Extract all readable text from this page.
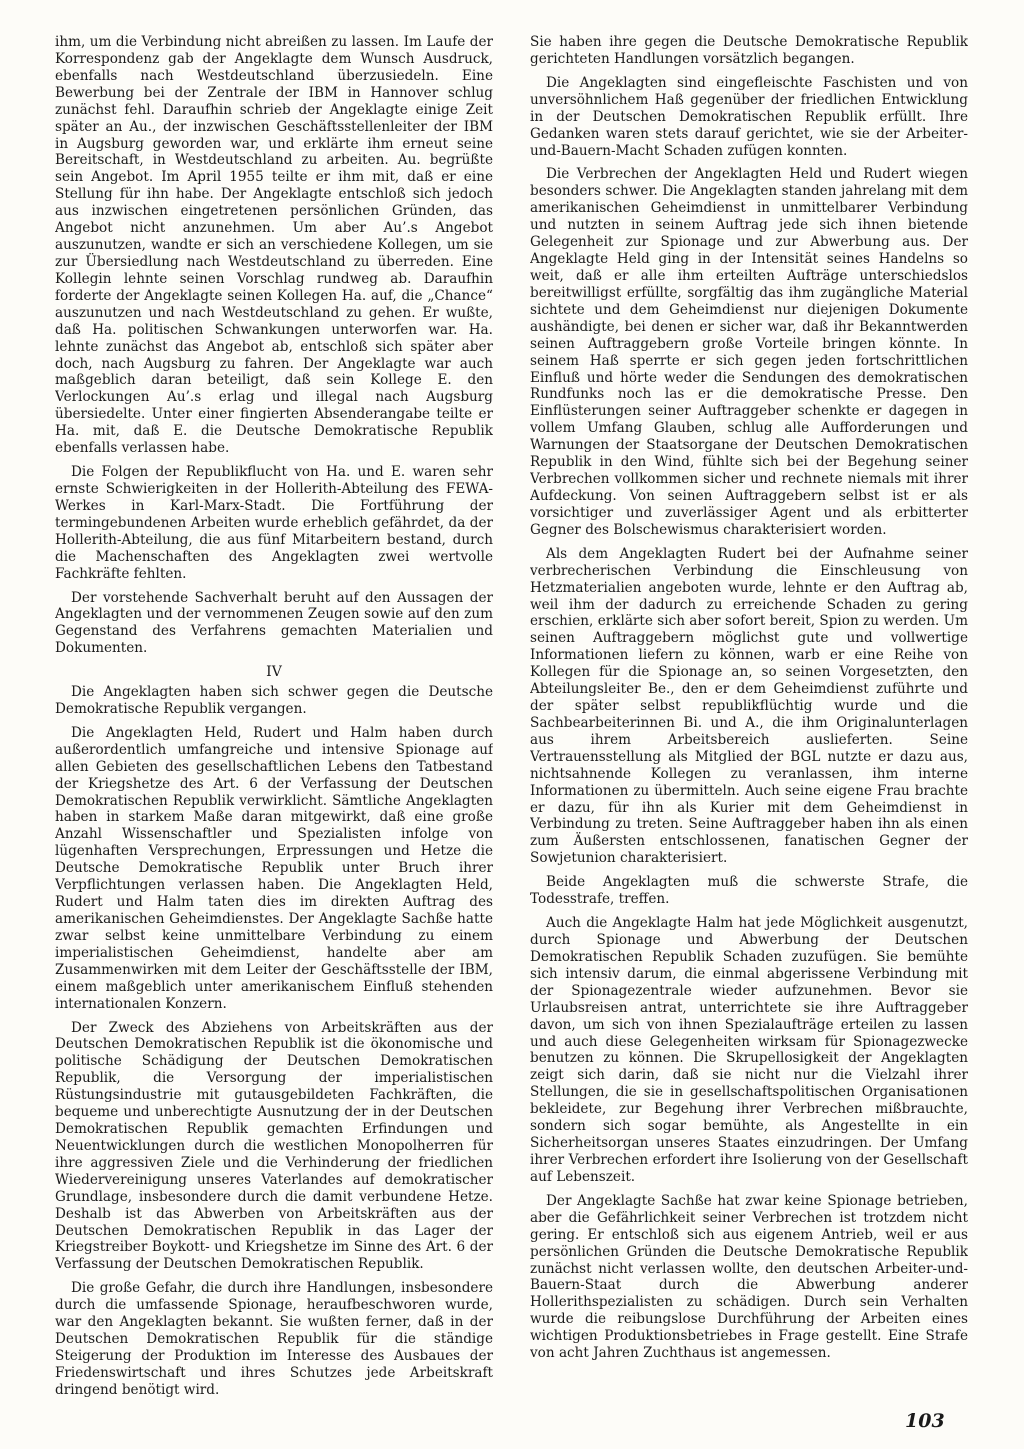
ihm, um die Verbindung nicht abreißen zu lassen. Im Laufe der Korrespondenz gab der Angeklagte dem Wunsch Ausdruck, ebenfalls nach Westdeutschland überzusiedeln. Eine Bewerbung bei der Zentrale der IBM in Hannover schlug zunächst fehl. Daraufhin schrieb der Angeklagte einige Zeit später an Au., der inzwischen Geschäftsstellenleiter der IBM in Augsburg geworden war, und erklärte ihm erneut seine Bereitschaft, in Westdeutschland zu arbeiten. Au. begrüßte sein Angebot. Im April 1955 teilte er ihm mit, daß er eine Stellung für ihn habe. Der Angeklagte entschloß sich jedoch aus inzwischen eingetretenen persönlichen Gründen, das Angebot nicht anzunehmen. Um aber Au’.s Angebot auszunutzen, wandte er sich an verschiedene Kollegen, um sie zur Übersiedlung nach Westdeutschland zu überreden. Eine Kollegin lehnte seinen Vorschlag rundweg ab. Daraufhin forderte der Angeklagte seinen Kollegen Ha. auf, die „Chance“ auszunutzen und nach Westdeutschland zu gehen. Er wußte, daß Ha. politischen Schwankungen unterworfen war. Ha. lehnte zunächst das Angebot ab, entschloß sich später aber doch, nach Augsburg zu fahren. Der Angeklagte war auch maßgeblich daran beteiligt, daß sein Kollege E. den Verlockungen Au’.s erlag und illegal nach Augsburg übersiedelte. Unter einer fingierten Absenderangabe teilte er Ha. mit, daß E. die Deutsche Demokratische Republik ebenfalls verlassen habe.

Die Folgen der Republikflucht von Ha. und E. waren sehr ernste Schwierigkeiten in der Hollerith-Abteilung des FEWA-Werkes in Karl-Marx-Stadt. Die Fortführung der termingebundenen Arbeiten wurde erheblich gefährdet, da der Hollerith-Abteilung, die aus fünf Mitarbeitern bestand, durch die Machenschaften des Angeklagten zwei wertvolle Fachkräfte fehlten.

Der vorstehende Sachverhalt beruht auf den Aussagen der Angeklagten und der vernommenen Zeugen sowie auf den zum Gegenstand des Verfahrens gemachten Materialien und Dokumenten.

IV

Die Angeklagten haben sich schwer gegen die Deutsche Demokratische Republik vergangen.

Die Angeklagten Held, Rudert und Halm haben durch außerordentlich umfangreiche und intensive Spionage auf allen Gebieten des gesellschaftlichen Lebens den Tatbestand der Kriegshetze des Art. 6 der Verfassung der Deutschen Demokratischen Republik verwirklicht. Sämtliche Angeklagten haben in starkem Maße daran mitgewirkt, daß eine große Anzahl Wissenschaftler und Spezialisten infolge von lügenhaften Versprechungen, Erpressungen und Hetze die Deutsche Demokratische Republik unter Bruch ihrer Verpflichtungen verlassen haben. Die Angeklagten Held, Rudert und Halm taten dies im direkten Auftrag des amerikanischen Geheimdienstes. Der Angeklagte Sachße hatte zwar selbst keine unmittelbare Verbindung zu einem imperialistischen Geheimdienst, handelte aber am Zusammenwirken mit dem Leiter der Geschäftsstelle der IBM, einem maßgeblich unter amerikanischem Einfluß stehenden internationalen Konzern.

Der Zweck des Abziehens von Arbeitskräften aus der Deutschen Demokratischen Republik ist die ökonomische und politische Schädigung der Deutschen Demokratischen Republik, die Versorgung der imperialistischen Rüstungsindustrie mit gutausgebildeten Fachkräften, die bequeme und unberechtigte Ausnutzung der in der Deutschen Demokratischen Republik gemachten Erfindungen und Neuentwicklungen durch die westlichen Monopolherren für ihre aggressiven Ziele und die Verhinderung der friedlichen Wiedervereinigung unseres Vaterlandes auf demokratischer Grundlage, insbesondere durch die damit verbundene Hetze. Deshalb ist das Abwerben von Arbeitskräften aus der Deutschen Demokratischen Republik in das Lager der Kriegstreiber Boykott- und Kriegshetze im Sinne des Art. 6 der Verfassung der Deutschen Demokratischen Republik.

Die große Gefahr, die durch ihre Handlungen, insbesondere durch die umfassende Spionage, heraufbeschworen wurde, war den Angeklagten bekannt. Sie wußten ferner, daß in der Deutschen Demokratischen Republik für die ständige Steigerung der Produktion im Interesse des Ausbaues der Friedenswirtschaft und ihres Schutzes jede Arbeitskraft dringend benötigt wird.

Sie haben ihre gegen die Deutsche Demokratische Republik gerichteten Handlungen vorsätzlich begangen.

Die Angeklagten sind eingefleischte Faschisten und von unversöhnlichem Haß gegenüber der friedlichen Entwicklung in der Deutschen Demokratischen Republik erfüllt. Ihre Gedanken waren stets darauf gerichtet, wie sie der Arbeiter-und-Bauern-Macht Schaden zufügen konnten.

Die Verbrechen der Angeklagten Held und Rudert wiegen besonders schwer. Die Angeklagten standen jahrelang mit dem amerikanischen Geheimdienst in unmittelbarer Verbindung und nutzten in seinem Auftrag jede sich ihnen bietende Gelegenheit zur Spionage und zur Abwerbung aus. Der Angeklagte Held ging in der Intensität seines Handelns so weit, daß er alle ihm erteilten Aufträge unterschiedslos bereitwilligst erfüllte, sorgfältig das ihm zugängliche Material sichtete und dem Geheimdienst nur diejenigen Dokumente aushändigte, bei denen er sicher war, daß ihr Bekanntwerden seinen Auftraggebern große Vorteile bringen könnte. In seinem Haß sperrte er sich gegen jeden fortschrittlichen Einfluß und hörte weder die Sendungen des demokratischen Rundfunks noch las er die demokratische Presse. Den Einflüsterungen seiner Auftraggeber schenkte er dagegen in vollem Umfang Glauben, schlug alle Aufforderungen und Warnungen der Staatsorgane der Deutschen Demokratischen Republik in den Wind, fühlte sich bei der Begehung seiner Verbrechen vollkommen sicher und rechnete niemals mit ihrer Aufdeckung. Von seinen Auftraggebern selbst ist er als vorsichtiger und zuverlässiger Agent und als erbitterter Gegner des Bolschewismus charakterisiert worden.

Als dem Angeklagten Rudert bei der Aufnahme seiner verbrecherischen Verbindung die Einschleusung von Hetzmaterialien angeboten wurde, lehnte er den Auftrag ab, weil ihm der dadurch zu erreichende Schaden zu gering erschien, erklärte sich aber sofort bereit, Spion zu werden. Um seinen Auftraggebern möglichst gute und vollwertige Informationen liefern zu können, warb er eine Reihe von Kollegen für die Spionage an, so seinen Vorgesetzten, den Abteilungsleiter Be., den er dem Geheimdienst zuführte und der später selbst republikflüchtig wurde und die Sachbearbeiterinnen Bi. und A., die ihm Originalunterlagen aus ihrem Arbeitsbereich auslieferten. Seine Vertrauensstellung als Mitglied der BGL nutzte er dazu aus, nichtsahnende Kollegen zu veranlassen, ihm interne Informationen zu übermitteln. Auch seine eigene Frau brachte er dazu, für ihn als Kurier mit dem Geheimdienst in Verbindung zu treten. Seine Auftraggeber haben ihn als einen zum Äußersten entschlossenen, fanatischen Gegner der Sowjetunion charakterisiert.

Beide Angeklagten muß die schwerste Strafe, die Todesstrafe, treffen.

Auch die Angeklagte Halm hat jede Möglichkeit ausgenutzt, durch Spionage und Abwerbung der Deutschen Demokratischen Republik Schaden zuzufügen. Sie bemühte sich intensiv darum, die einmal abgerissene Verbindung mit der Spionagezentrale wieder aufzunehmen. Bevor sie Urlaubsreisen antrat, unterrichtete sie ihre Auftraggeber davon, um sich von ihnen Spezialaufträge erteilen zu lassen und auch diese Gelegenheiten wirksam für Spionagezwecke benutzen zu können. Die Skrupellosigkeit der Angeklagten zeigt sich darin, daß sie nicht nur die Vielzahl ihrer Stellungen, die sie in gesellschaftspolitischen Organisationen bekleidete, zur Begehung ihrer Verbrechen mißbrauchte, sondern sich sogar bemühte, als Angestellte in ein Sicherheitsorgan unseres Staates einzudringen. Der Umfang ihrer Verbrechen erfordert ihre Isolierung von der Gesellschaft auf Lebenszeit.

Der Angeklagte Sachße hat zwar keine Spionage betrieben, aber die Gefährlichkeit seiner Verbrechen ist trotzdem nicht gering. Er entschloß sich aus eigenem Antrieb, weil er aus persönlichen Gründen die Deutsche Demokratische Republik zunächst nicht verlassen wollte, den deutschen Arbeiter-und-Bauern-Staat durch die Abwerbung anderer Hollerithspezialisten zu schädigen. Durch sein Verhalten wurde die reibungslose Durchführung der Arbeiten eines wichtigen Produktionsbetriebes in Frage gestellt. Eine Strafe von acht Jahren Zuchthaus ist angemessen.

103
